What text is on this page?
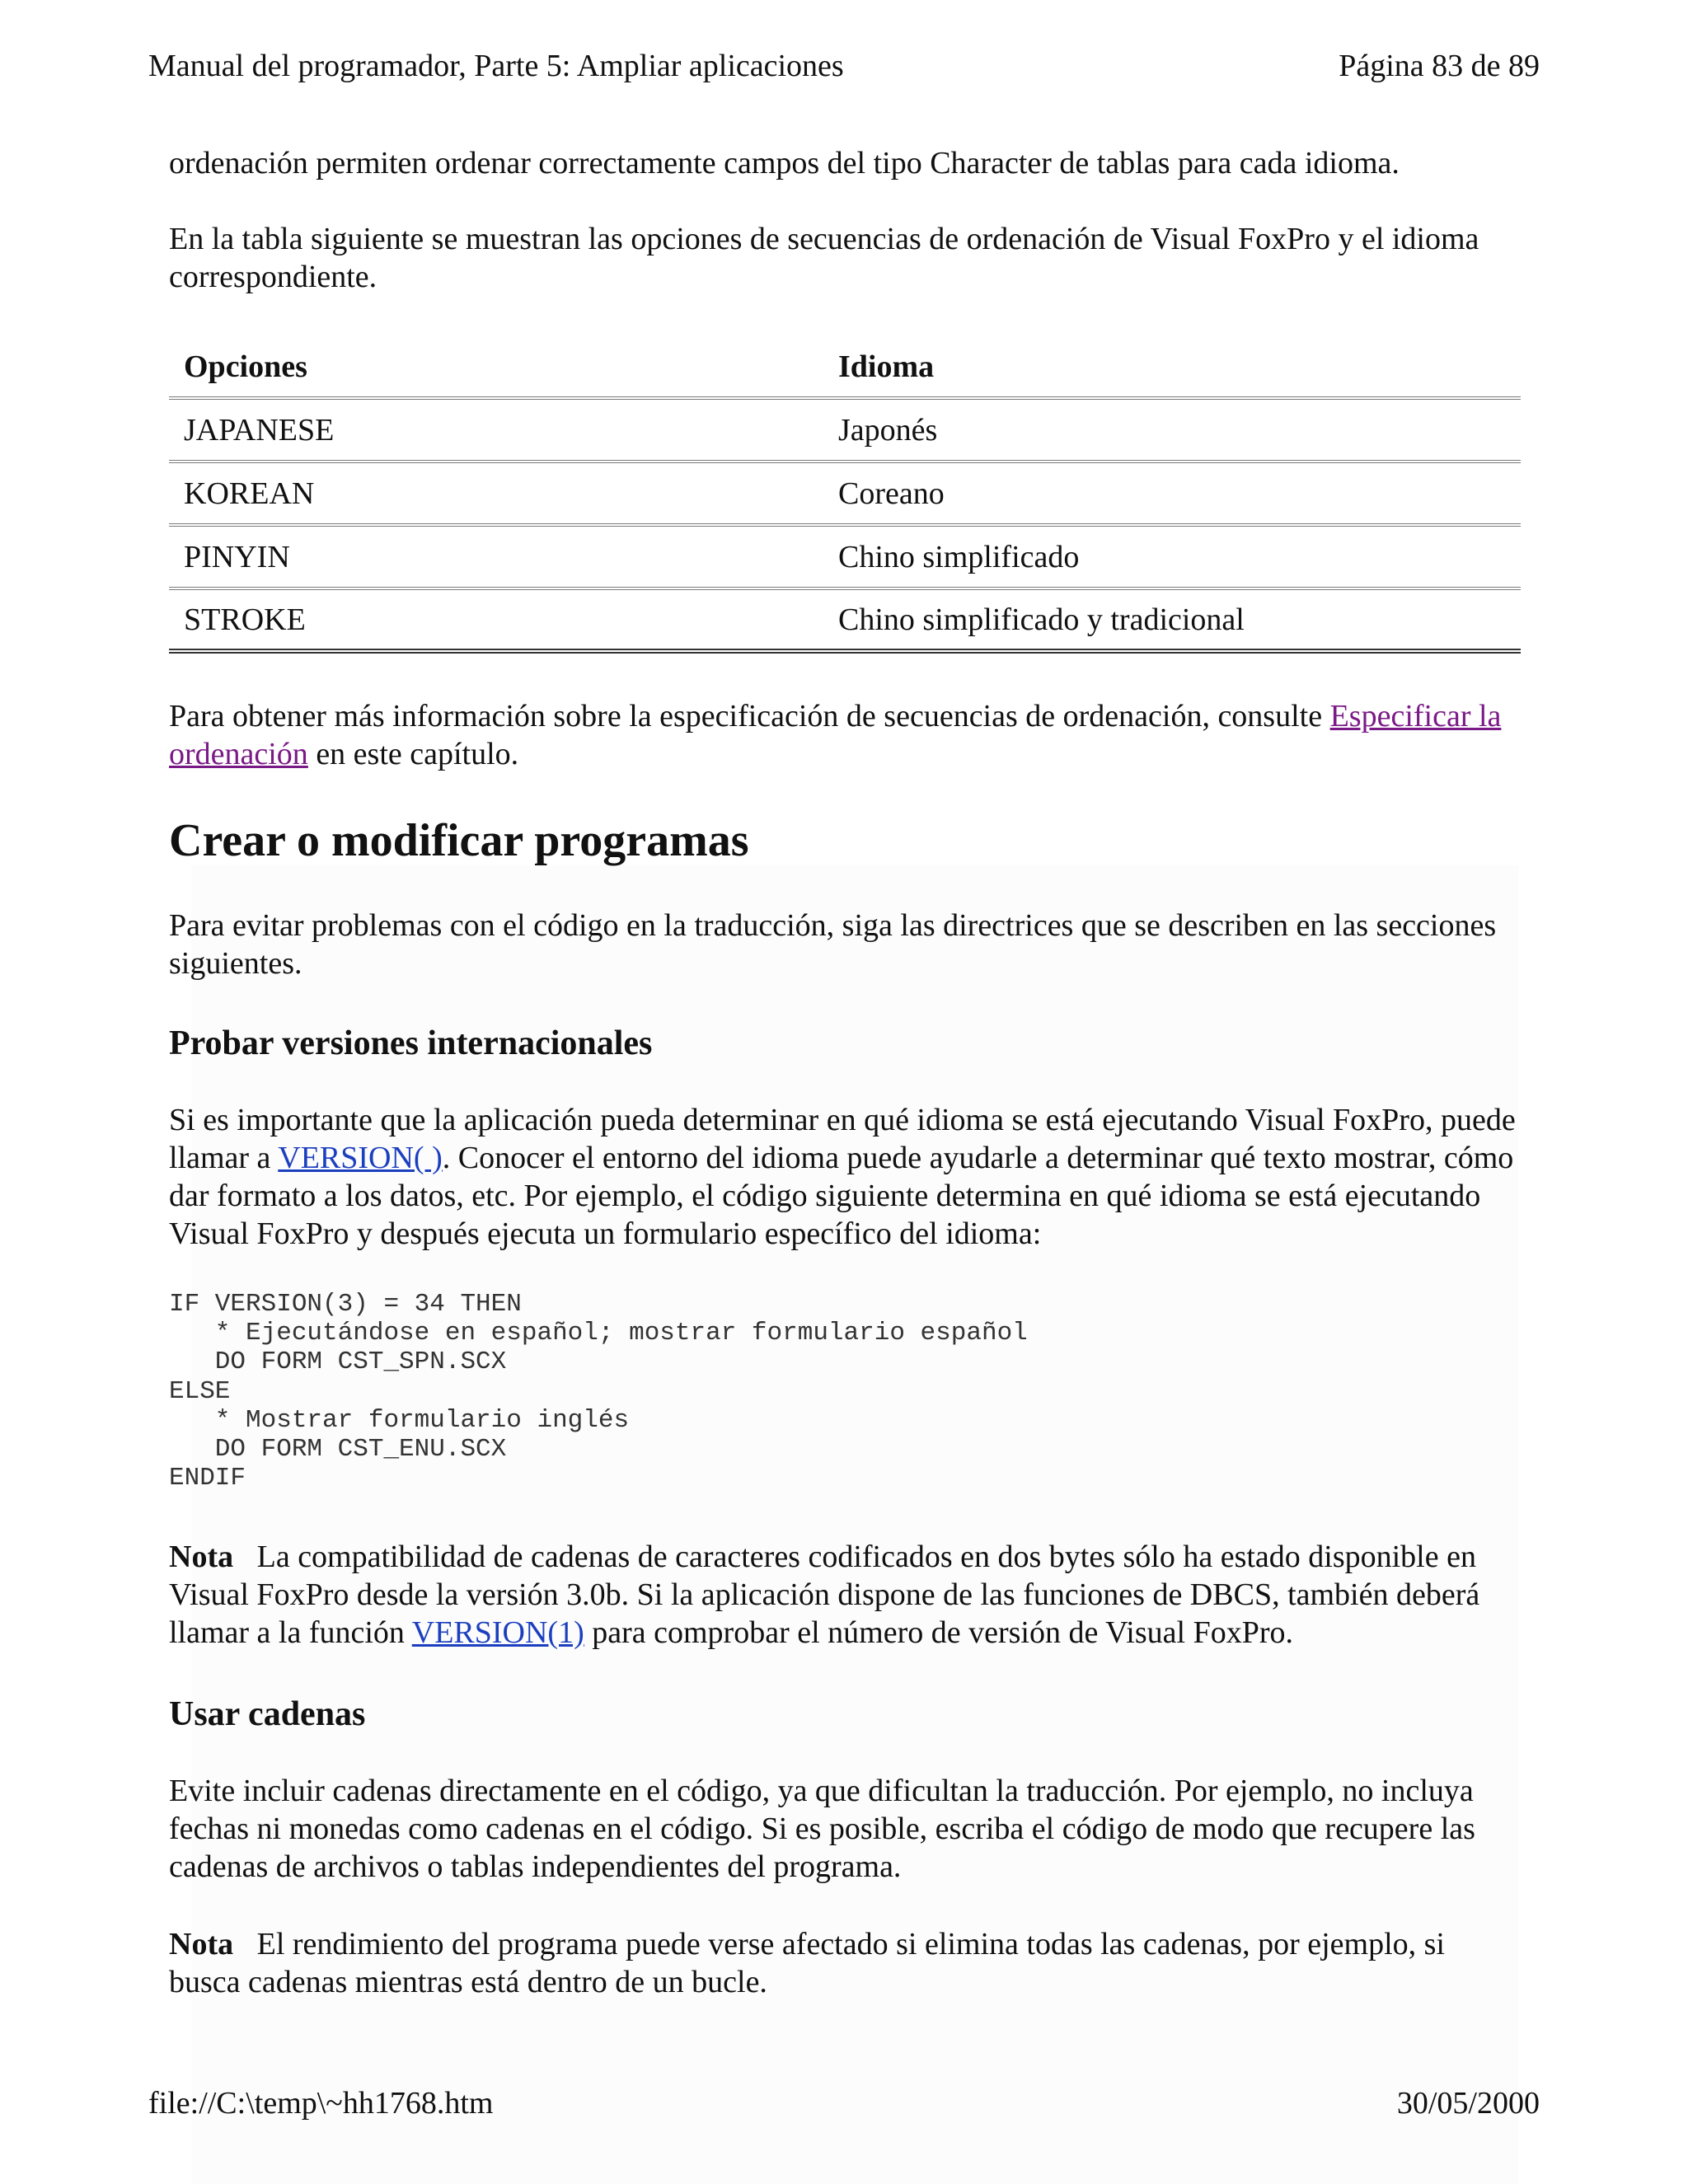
Manual del programador, Parte 5: Ampliar aplicaciones	Página 83 de 89

ordenación permiten ordenar correctamente campos del tipo Character de tablas para cada idioma.

En la tabla siguiente se muestran las opciones de secuencias de ordenación de Visual FoxPro y el idioma correspondiente.

Opciones	Idioma
JAPANESE	Japonés
KOREAN	Coreano
PINYIN	Chino simplificado
STROKE	Chino simplificado y tradicional

Para obtener más información sobre la especificación de secuencias de ordenación, consulte Especificar la ordenación en este capítulo.

Crear o modificar programas

Para evitar problemas con el código en la traducción, siga las directrices que se describen en las secciones siguientes.

Probar versiones internacionales

Si es importante que la aplicación pueda determinar en qué idioma se está ejecutando Visual FoxPro, puede llamar a VERSION( ). Conocer el entorno del idioma puede ayudarle a determinar qué texto mostrar, cómo dar formato a los datos, etc. Por ejemplo, el código siguiente determina en qué idioma se está ejecutando Visual FoxPro y después ejecuta un formulario específico del idioma:

IF VERSION(3) = 34 THEN
* Ejecutándose en español; mostrar formulario español
DO FORM CST_SPN.SCX
ELSE
* Mostrar formulario inglés
DO FORM CST_ENU.SCX
ENDIF

Nota   La compatibilidad de cadenas de caracteres codificados en dos bytes sólo ha estado disponible en Visual FoxPro desde la versión 3.0b. Si la aplicación dispone de las funciones de DBCS, también deberá llamar a la función VERSION(1) para comprobar el número de versión de Visual FoxPro.

Usar cadenas

Evite incluir cadenas directamente en el código, ya que dificultan la traducción. Por ejemplo, no incluya fechas ni monedas como cadenas en el código. Si es posible, escriba el código de modo que recupere las cadenas de archivos o tablas independientes del programa.

Nota   El rendimiento del programa puede verse afectado si elimina todas las cadenas, por ejemplo, si busca cadenas mientras está dentro de un bucle.

file://C:\temp\~hh1768.htm	30/05/2000
